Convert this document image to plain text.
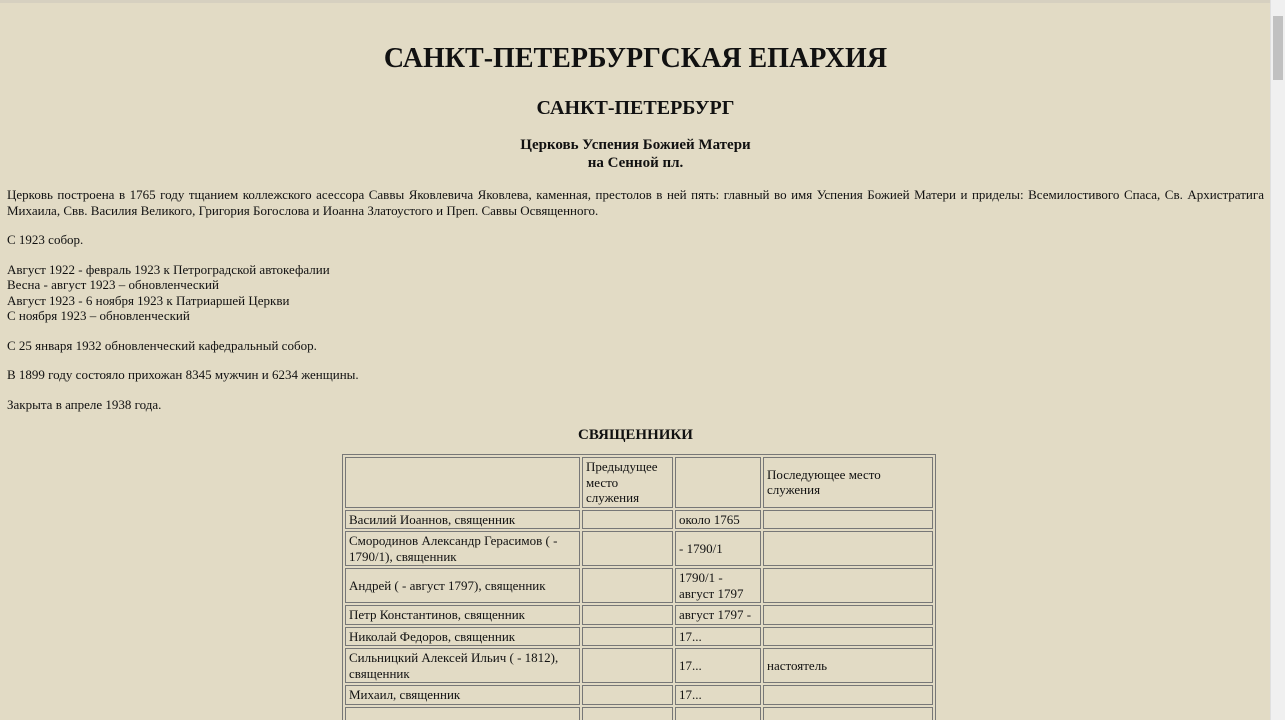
САНКТ-ПЕТЕРБУРГСКАЯ ЕПАРХИЯ
САНКТ-ПЕТЕРБУРГ
Церковь Успения Божией Матери
на Сенной пл.

Церковь построена в 1765 году тщанием коллежского асессора Саввы Яковлевича Яковлева, каменная, престолов в ней пять: главный во имя Успения Божией Матери и приделы: Всемилостивого Спаса, Св. Архистратига Михаила, Свв. Василия Великого, Григория Богослова и Иоанна Златоустого и Преп. Саввы Освященного.

С 1923 собор.

Август 1922 - февраль 1923 к Петроградской автокефалии
Весна - август 1923 – обновленческий
Август 1923 - 6 ноября 1923 к Патриаршей Церкви
С ноября 1923 – обновленческий

С 25 января 1932 обновленческий кафедральный собор.

В 1899 году состояло прихожан 8345 мужчин и 6234 женщины.

Закрыта в апреле 1938 года.

СВЯЩЕННИКИ
	Предыдущее место служения		Последующее место служения
Василий Иоаннов, священник		около 1765	
Смородинов Александр Герасимов ( - 1790/1), священник		- 1790/1	
Андрей ( - август 1797), священник		1790/1 - август 1797	
Петр Константинов, священник		август 1797 -	
Николай Федоров, священник		17...	
Сильницкий Алексей Ильич ( - 1812), священник		17...	настоятель
Михаил, священник		17...	
